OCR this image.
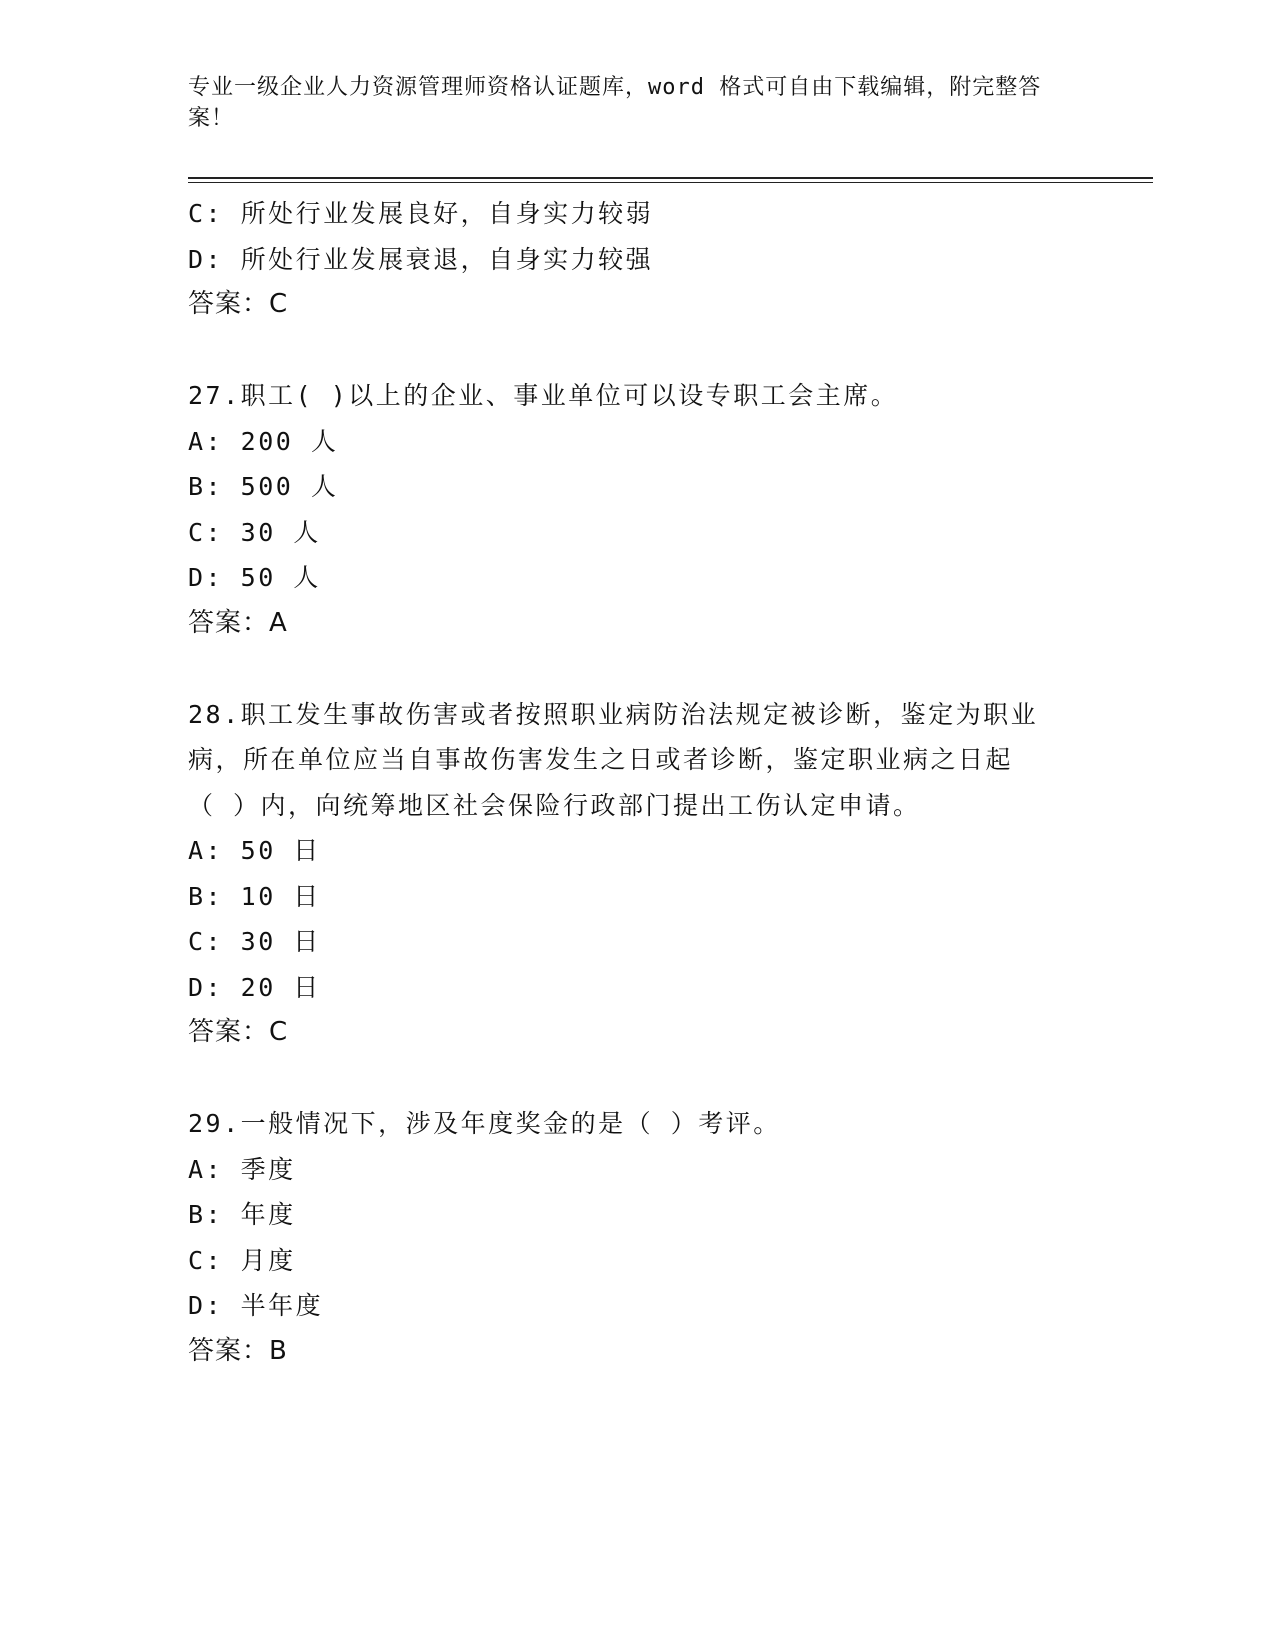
专业一级企业人力资源管理师资格认证题库，word 格式可自由下载编辑，附完整答案！
C: 所处行业发展良好，自身实力较弱
D: 所处行业发展衰退，自身实力较强
答案：C
27.职工( )以上的企业、事业单位可以设专职工会主席。
A: 200 人
B: 500 人
C: 30 人
D: 50 人
答案：A
28.职工发生事故伤害或者按照职业病防治法规定被诊断，鉴定为职业
病，所在单位应当自事故伤害发生之日或者诊断，鉴定职业病之日起
（ ）内，向统筹地区社会保险行政部门提出工伤认定申请。
A: 50 日
B: 10 日
C: 30 日
D: 20 日
答案：C
29.一般情况下，涉及年度奖金的是（ ）考评。
A: 季度
B: 年度
C: 月度
D: 半年度
答案：B
